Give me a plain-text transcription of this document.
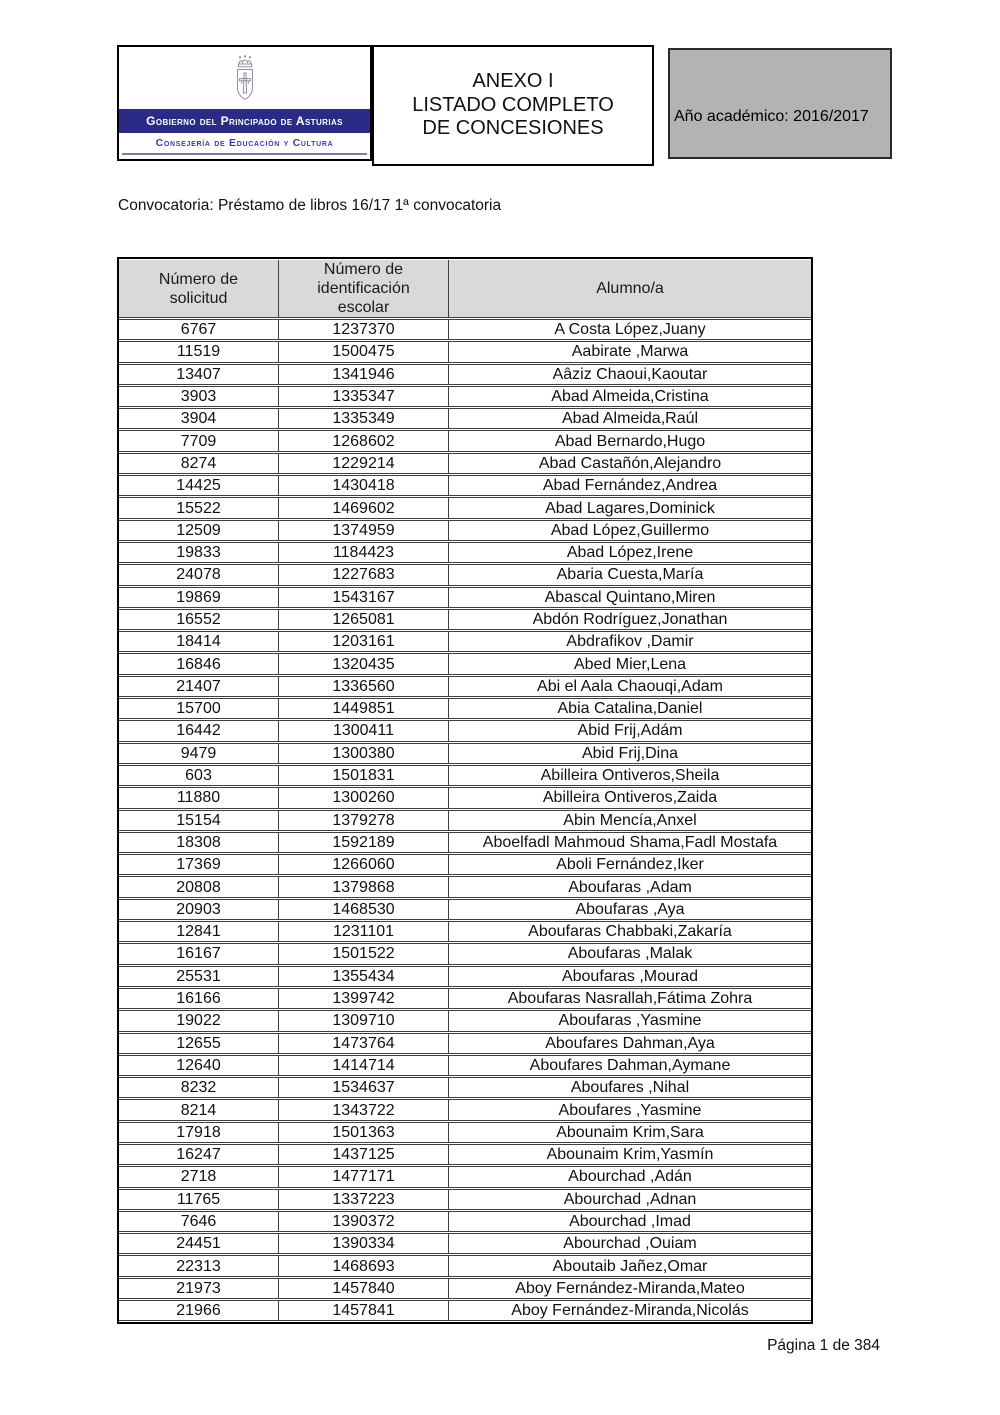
Gobierno del Principado de Asturias
Consejería de Educación y Cultura
ANEXO I
LISTADO COMPLETO
DE CONCESIONES
Año académico: 2016/2017
Convocatoria: Préstamo de libros 16/17 1ª convocatoria
Número de solicitud	Número de identificación escolar	Alumno/a
6767	1237370	A Costa López,Juany
11519	1500475	Aabirate ,Marwa
13407	1341946	Aâziz Chaoui,Kaoutar
3903	1335347	Abad Almeida,Cristina
3904	1335349	Abad Almeida,Raúl
7709	1268602	Abad Bernardo,Hugo
8274	1229214	Abad Castañón,Alejandro
14425	1430418	Abad Fernández,Andrea
15522	1469602	Abad Lagares,Dominick
12509	1374959	Abad López,Guillermo
19833	1184423	Abad López,Irene
24078	1227683	Abaria Cuesta,María
19869	1543167	Abascal Quintano,Miren
16552	1265081	Abdón Rodríguez,Jonathan
18414	1203161	Abdrafikov ,Damir
16846	1320435	Abed Mier,Lena
21407	1336560	Abi el Aala Chaouqi,Adam
15700	1449851	Abia Catalina,Daniel
16442	1300411	Abid Frij,Adám
9479	1300380	Abid Frij,Dina
603	1501831	Abilleira Ontiveros,Sheila
11880	1300260	Abilleira Ontiveros,Zaida
15154	1379278	Abin Mencía,Anxel
18308	1592189	Aboelfadl Mahmoud Shama,Fadl Mostafa
17369	1266060	Aboli Fernández,Iker
20808	1379868	Aboufaras ,Adam
20903	1468530	Aboufaras ,Aya
12841	1231101	Aboufaras Chabbaki,Zakaría
16167	1501522	Aboufaras ,Malak
25531	1355434	Aboufaras ,Mourad
16166	1399742	Aboufaras Nasrallah,Fátima Zohra
19022	1309710	Aboufaras ,Yasmine
12655	1473764	Aboufares Dahman,Aya
12640	1414714	Aboufares Dahman,Aymane
8232	1534637	Aboufares ,Nihal
8214	1343722	Aboufares ,Yasmine
17918	1501363	Abounaim Krim,Sara
16247	1437125	Abounaim Krim,Yasmín
2718	1477171	Abourchad ,Adán
11765	1337223	Abourchad ,Adnan
7646	1390372	Abourchad ,Imad
24451	1390334	Abourchad ,Ouiam
22313	1468693	Aboutaib Jañez,Omar
21973	1457840	Aboy Fernández-Miranda,Mateo
21966	1457841	Aboy Fernández-Miranda,Nicolás
Página 1 de 384
